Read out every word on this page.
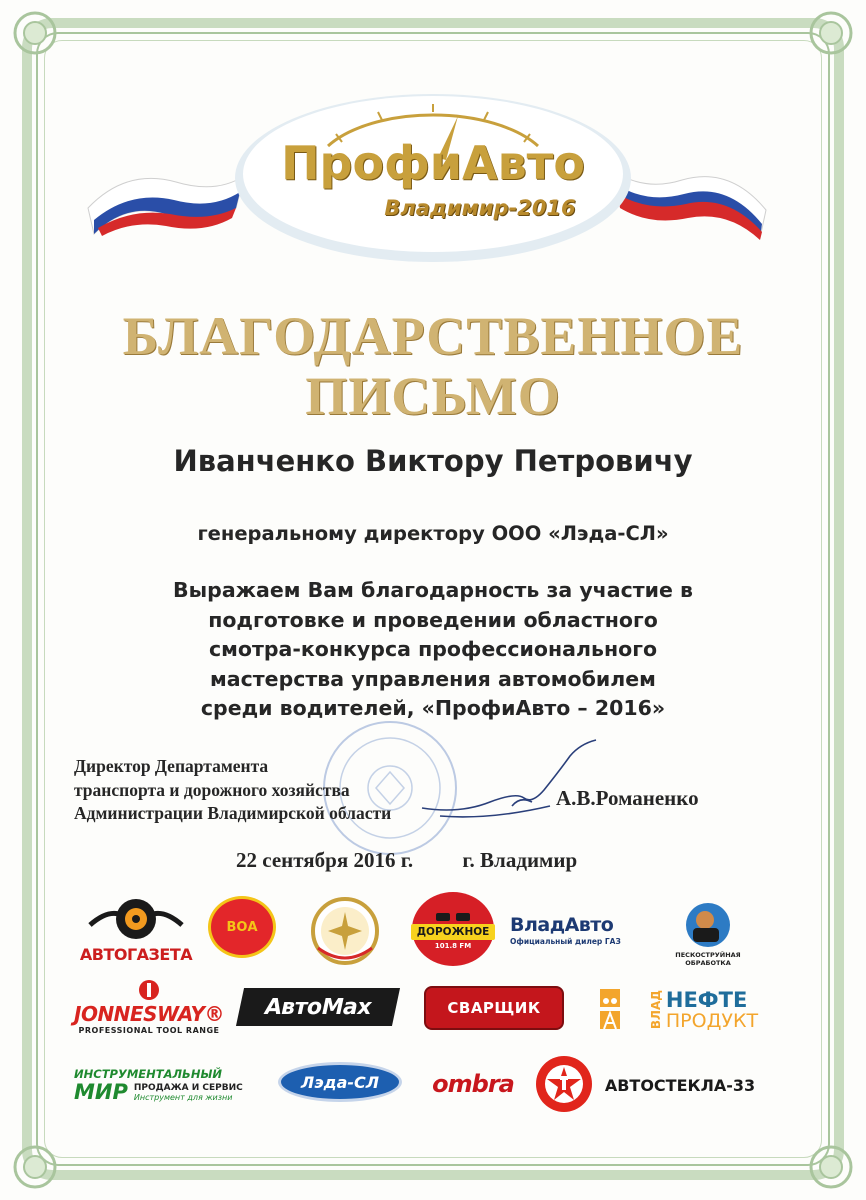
ПрофиАвто
Владимир-2016
БЛАГОДАРСТВЕННОЕ
ПИСЬМО
Иванченко Виктору Петровичу
генеральному директору ООО «Лэда-СЛ»
Выражаем Вам благодарность за участие в
подготовке и проведении областного
смотра-конкурса профессионального
мастерства управления автомобилем
среди водителей, «ПрофиАвто – 2016»
Директор Департамента
транспорта и дорожного хозяйства
Администрации Владимирской области
А.В.Романенко
22 сентября 2016 г. г. Владимир
АВТОГАЗЕТА
ВОА	ДОРОЖНОЕ
101.8 FM
ВладАвто
Официальный дилер ГАЗ
ПЕСКОСТРУЙНАЯ ОБРАБОТКА
JONNESWAY®
PROFESSIONAL TOOL RANGE
АвтоMax	СВАРЩИК	ВЛАД НЕФТЕ
ПРОДУКТ
ИНСТРУМЕНТАЛЬНЫЙ
МИР ПРОДАЖА И СЕРВИС
Инструмент для жизни
Лэда-СЛ ombra	АВТОСТЕКЛА-33
